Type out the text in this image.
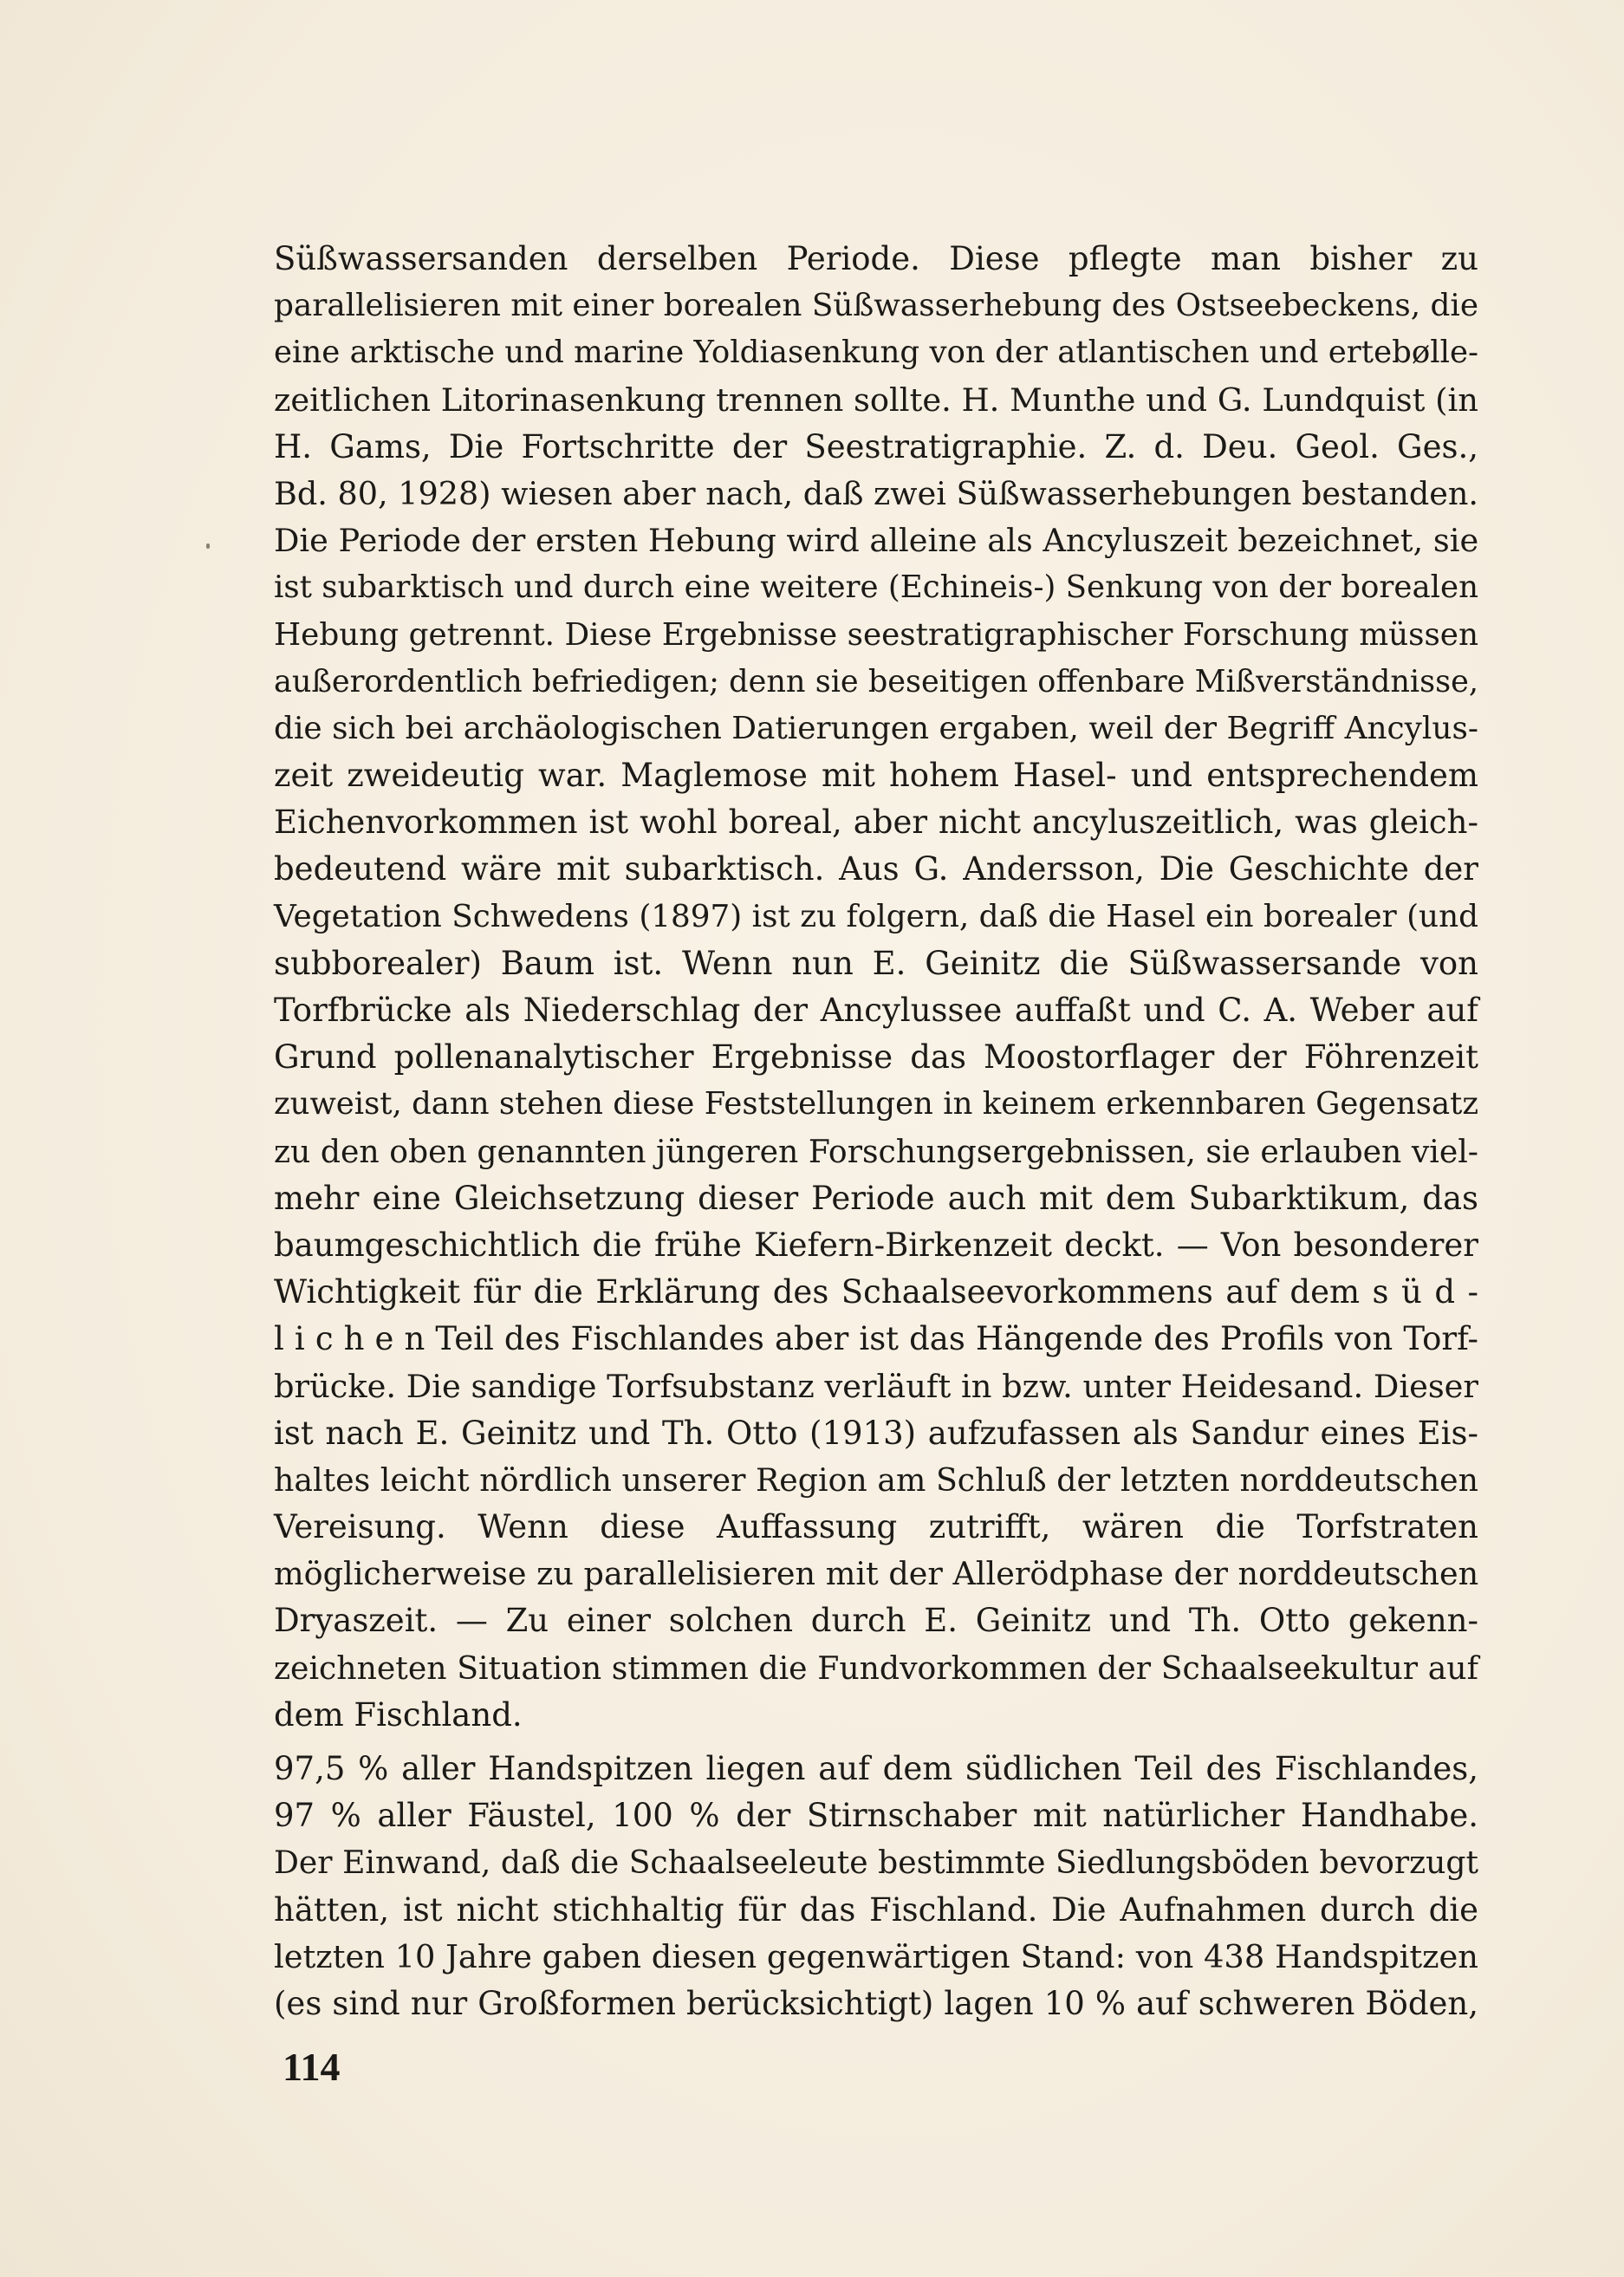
Süßwassersanden derselben Periode. Diese pflegte man bisher zu
parallelisieren mit einer borealen Süßwasserhebung des Ostseebeckens, die
eine arktische und marine Yoldiasenkung von der atlantischen und ertebølle-
zeitlichen Litorinasenkung trennen sollte. H. Munthe und G. Lundquist (in
H. Gams, Die Fortschritte der Seestratigraphie. Z. d. Deu. Geol. Ges.,
Bd. 80, 1928) wiesen aber nach, daß zwei Süßwasserhebungen bestanden.
Die Periode der ersten Hebung wird alleine als Ancyluszeit bezeichnet, sie
ist subarktisch und durch eine weitere (Echineis-) Senkung von der borealen
Hebung getrennt. Diese Ergebnisse seestratigraphischer Forschung müssen
außerordentlich befriedigen; denn sie beseitigen offenbare Mißverständnisse,
die sich bei archäologischen Datierungen ergaben, weil der Begriff Ancylus-
zeit zweideutig war. Maglemose mit hohem Hasel- und entsprechendem
Eichenvorkommen ist wohl boreal, aber nicht ancyluszeitlich, was gleich-
bedeutend wäre mit subarktisch. Aus G. Andersson, Die Geschichte der
Vegetation Schwedens (1897) ist zu folgern, daß die Hasel ein borealer (und
subborealer) Baum ist. Wenn nun E. Geinitz die Süßwassersande von
Torfbrücke als Niederschlag der Ancylussee auffaßt und C. A. Weber auf
Grund pollenanalytischer Ergebnisse das Moostorflager der Föhrenzeit
zuweist, dann stehen diese Feststellungen in keinem erkennbaren Gegensatz
zu den oben genannten jüngeren Forschungsergebnissen, sie erlauben viel-
mehr eine Gleichsetzung dieser Periode auch mit dem Subarktikum, das
baumgeschichtlich die frühe Kiefern-Birkenzeit deckt. — Von besonderer
Wichtigkeit für die Erklärung des Schaalseevorkommens auf dem s ü d -
l i c h e n Teil des Fischlandes aber ist das Hängende des Profils von Torf-
brücke. Die sandige Torfsubstanz verläuft in bzw. unter Heidesand. Dieser
ist nach E. Geinitz und Th. Otto (1913) aufzufassen als Sandur eines Eis-
haltes leicht nördlich unserer Region am Schluß der letzten norddeutschen
Vereisung. Wenn diese Auffassung zutrifft, wären die Torfstraten
möglicherweise zu parallelisieren mit der Allerödphase der norddeutschen
Dryaszeit. — Zu einer solchen durch E. Geinitz und Th. Otto gekenn-
zeichneten Situation stimmen die Fundvorkommen der Schaalseekultur auf
dem Fischland.
97,5 % aller Handspitzen liegen auf dem südlichen Teil des Fischlandes,
97 % aller Fäustel, 100 % der Stirnschaber mit natürlicher Handhabe.
Der Einwand, daß die Schaalseeleute bestimmte Siedlungsböden bevorzugt
hätten, ist nicht stichhaltig für das Fischland. Die Aufnahmen durch die
letzten 10 Jahre gaben diesen gegenwärtigen Stand: von 438 Handspitzen
(es sind nur Großformen berücksichtigt) lagen 10 % auf schweren Böden,
114
